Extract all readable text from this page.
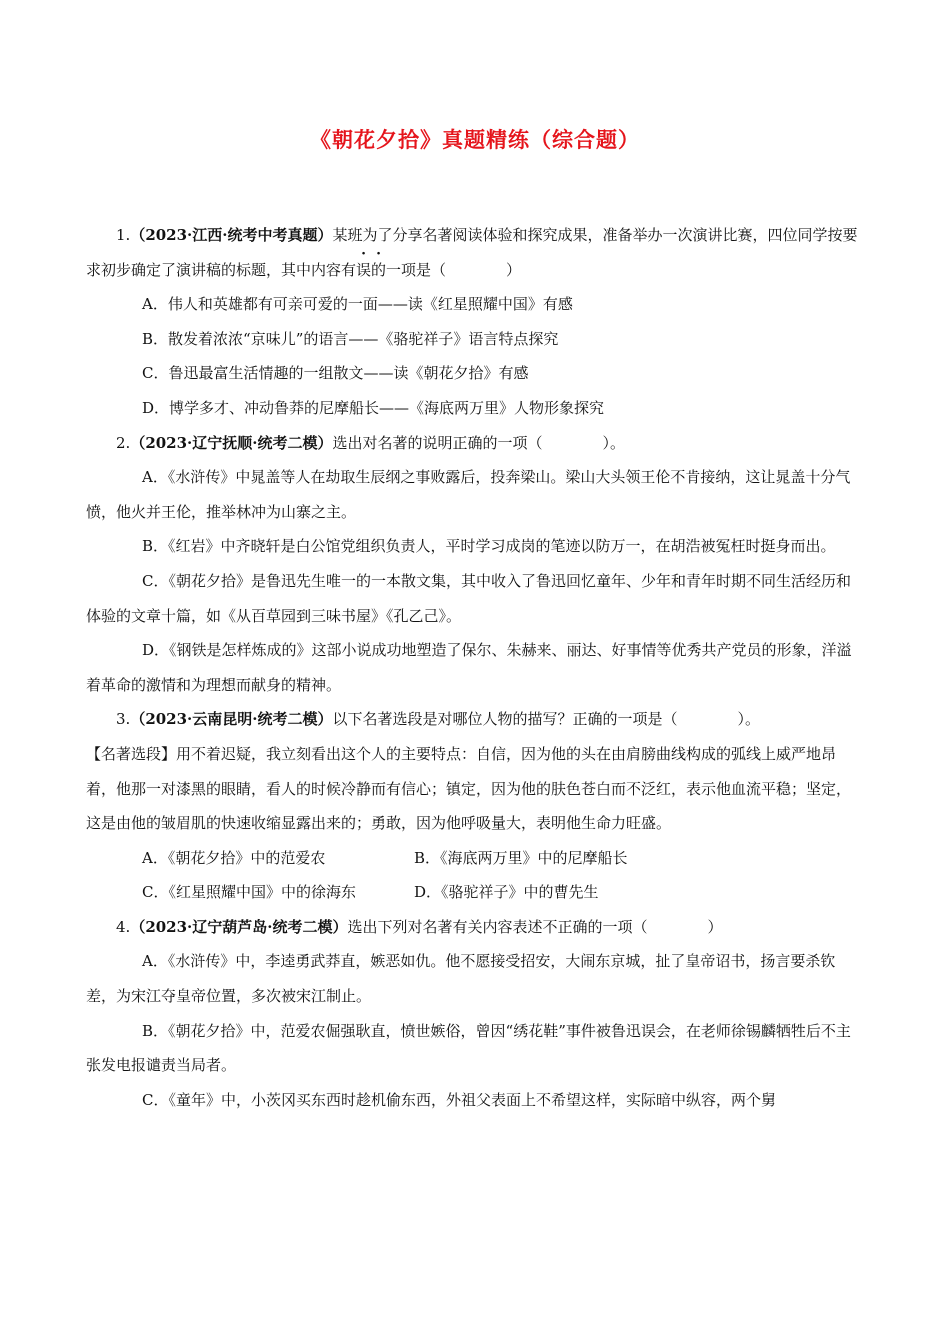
《朝花夕拾》真题精练（综合题）

1.（2023·江西·统考中考真题）某班为了分享名著阅读体验和探究成果，准备举办一次演讲比赛，四位同学按要求初步确定了演讲稿的标题，其中内容有误的一项是（　　　　）

A．伟人和英雄都有可亲可爱的一面——读《红星照耀中国》有感

B．散发着浓浓“京味儿”的语言——《骆驼祥子》语言特点探究

C．鲁迅最富生活情趣的一组散文——读《朝花夕拾》有感

D．博学多才、冲动鲁莽的尼摩船长——《海底两万里》人物形象探究

2.（2023·辽宁抚顺·统考二模）选出对名著的说明正确的一项（　　　　）。

A．《水浒传》中晁盖等人在劫取生辰纲之事败露后，投奔梁山。梁山大头领王伦不肯接纳，这让晁盖十分气愤，他火并王伦，推举林冲为山寨之主。

B．《红岩》中齐晓轩是白公馆党组织负责人，平时学习成岗的笔迹以防万一，在胡浩被冤枉时挺身而出。

C．《朝花夕拾》是鲁迅先生唯一的一本散文集，其中收入了鲁迅回忆童年、少年和青年时期不同生活经历和体验的文章十篇，如《从百草园到三味书屋》《孔乙己》。

D．《钢铁是怎样炼成的》这部小说成功地塑造了保尔、朱赫来、丽达、好事情等优秀共产党员的形象，洋溢着革命的激情和为理想而献身的精神。

3.（2023·云南昆明·统考二模）以下名著选段是对哪位人物的描写？正确的一项是（　　　　）。

【名著选段】用不着迟疑，我立刻看出这个人的主要特点：自信，因为他的头在由肩膀曲线构成的弧线上威严地昂着，他那一对漆黑的眼睛，看人的时候冷静而有信心；镇定，因为他的肤色苍白而不泛红，表示他血流平稳；坚定，这是由他的皱眉肌的快速收缩显露出来的；勇敢，因为他呼吸量大，表明他生命力旺盛。

A．《朝花夕拾》中的范爱农	B．《海底两万里》中的尼摩船长
C．《红星照耀中国》中的徐海东	D．《骆驼祥子》中的曹先生

4.（2023·辽宁葫芦岛·统考二模）选出下列对名著有关内容表述不正确的一项（　　　　）

A．《水浒传》中，李逵勇武莽直，嫉恶如仇。他不愿接受招安，大闹东京城，扯了皇帝诏书，扬言要杀钦差，为宋江夺皇帝位置，多次被宋江制止。

B．《朝花夕拾》中，范爱农倔强耿直，愤世嫉俗，曾因“绣花鞋”事件被鲁迅误会，在老师徐锡麟牺牲后不主张发电报谴责当局者。

C．《童年》中，小茨冈买东西时趁机偷东西，外祖父表面上不希望这样，实际暗中纵容，两个舅
